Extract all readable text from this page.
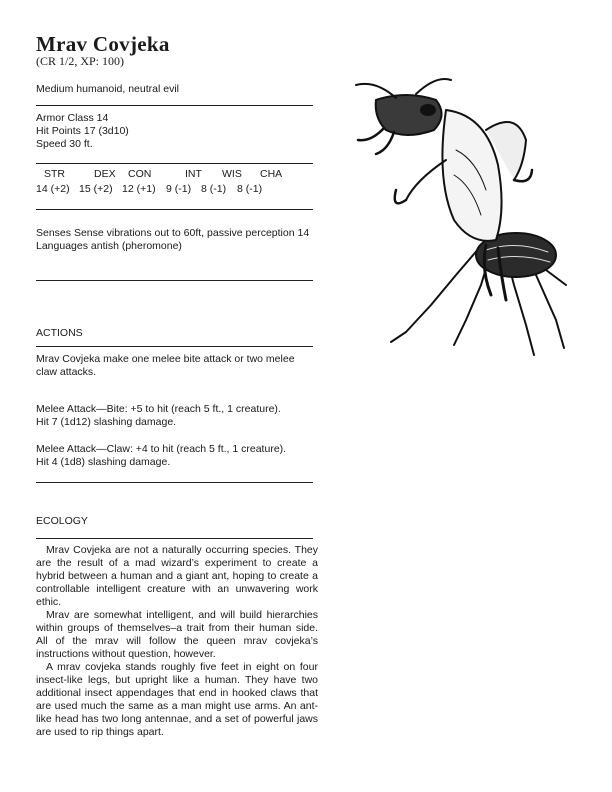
Mrav Covjeka
(CR 1/2, XP: 100)
Medium humanoid, neutral evil
Armor Class 14
Hit Points 17 (3d10)
Speed 30 ft.
STR	DEX CON	INT WIS CHA
14 (+2) 15 (+2) 12 (+1) 9 (-1) 8 (-1) 8 (-1)
Senses Sense vibrations out to 60ft, passive perception 14
Languages antish (pheromone)
ACTIONS
Mrav Covjeka make one melee bite attack or two melee claw attacks.
Melee Attack—Bite: +5 to hit (reach 5 ft., 1 creature).
Hit 7 (1d12) slashing damage.
Melee Attack—Claw: +4 to hit (reach 5 ft., 1 creature).
Hit 4 (1d8) slashing damage.
ECOLOGY

Mrav Covjeka are not a naturally occurring species. They are the result of a mad wizard’s experiment to create a hybrid between a human and a giant ant, hoping to create a controllable intelligent creature with an unwavering work ethic.

Mrav are somewhat intelligent, and will build hierarchies within groups of themselves–a trait from their human side. All of the mrav will follow the queen mrav covjeka’s instructions without question, however.

A mrav covjeka stands roughly five feet in eight on four insect-like legs, but upright like a human. They have two additional insect appendages that end in hooked claws that are used much the same as a man might use arms. An ant-like head has two long antennae, and a set of powerful jaws are used to rip things apart.
